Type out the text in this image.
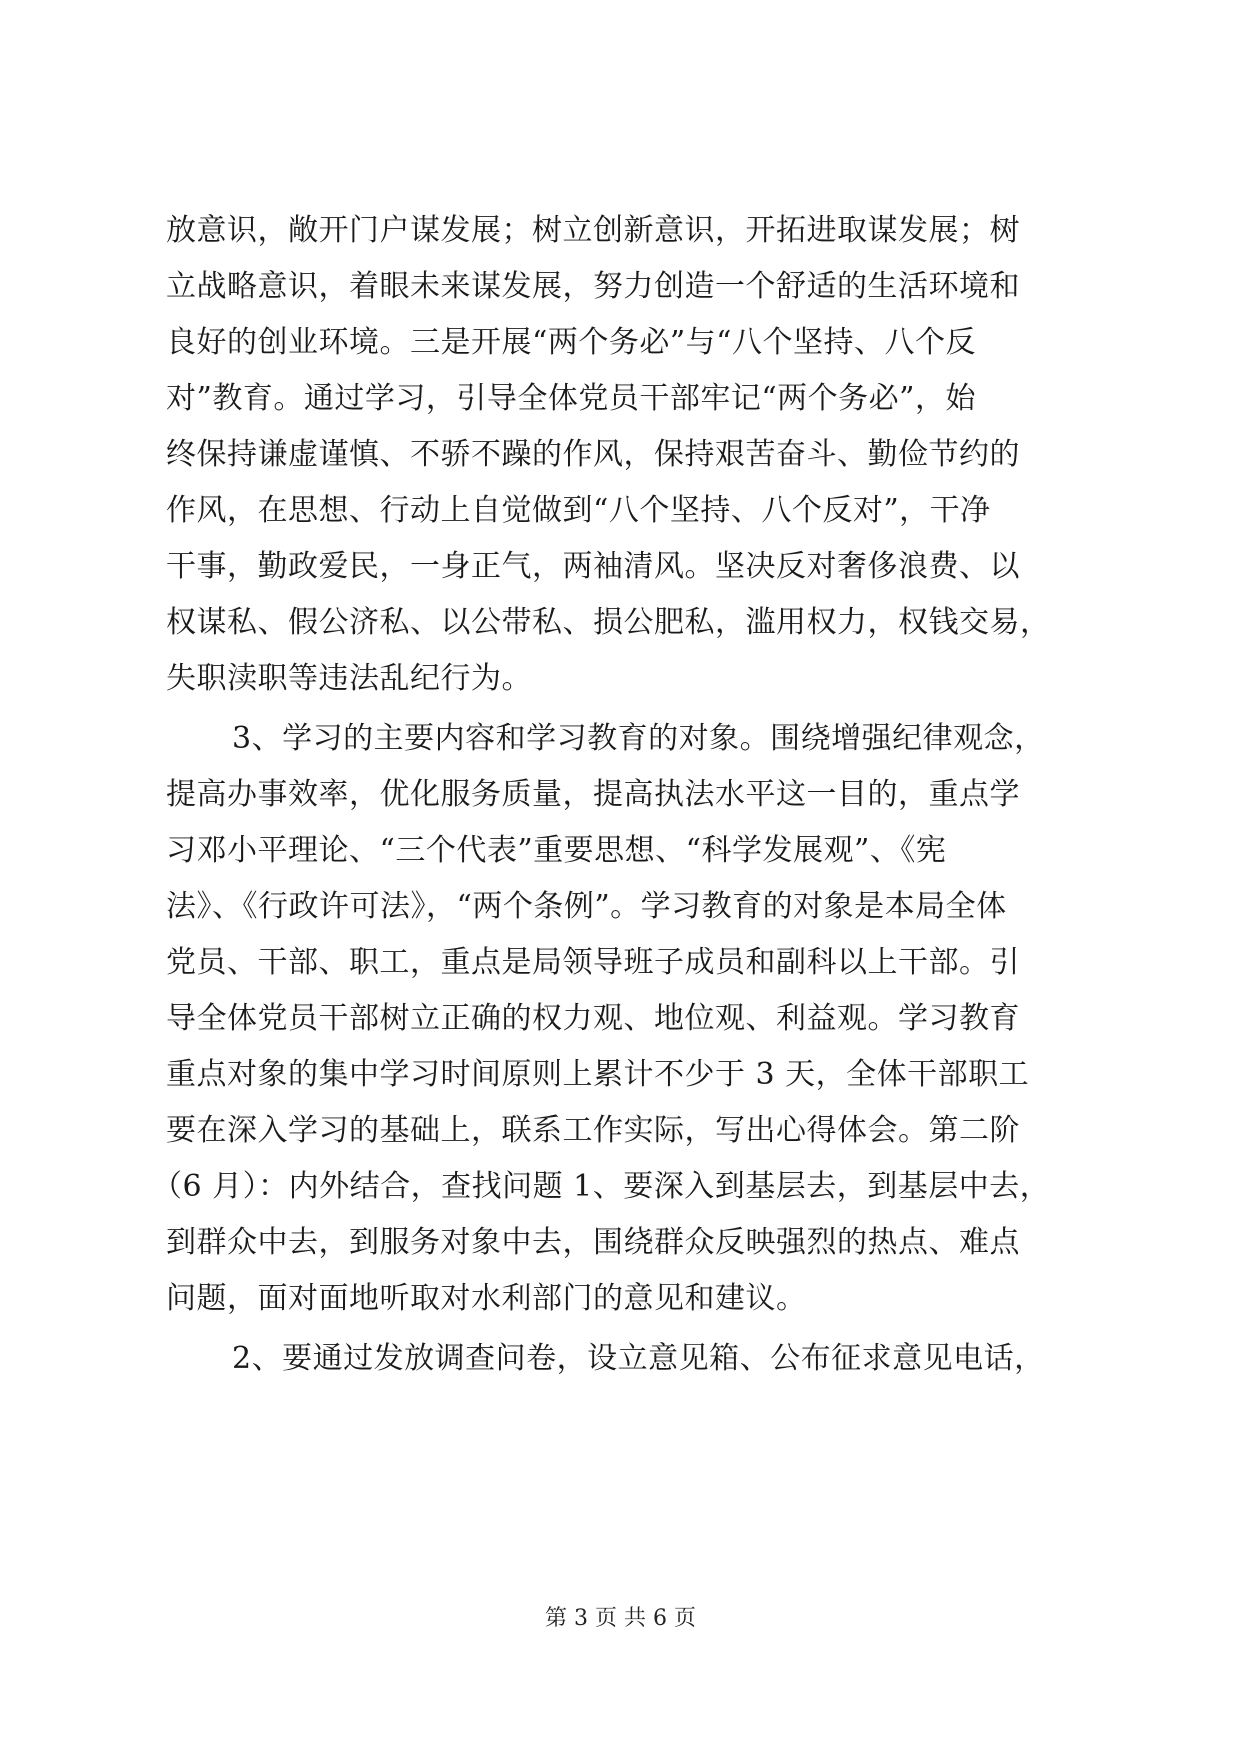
放意识，敞开门户谋发展；树立创新意识，开拓进取谋发展；树
立战略意识，着眼未来谋发展，努力创造一个舒适的生活环境和
良好的创业环境。三是开展“两个务必”与“八个坚持、八个反
对”教育。通过学习，引导全体党员干部牢记“两个务必”，始
终保持谦虚谨慎、不骄不躁的作风，保持艰苦奋斗、勤俭节约的
作风，在思想、行动上自觉做到“八个坚持、八个反对”，干净
干事，勤政爱民，一身正气，两袖清风。坚决反对奢侈浪费、以
权谋私、假公济私、以公带私、损公肥私，滥用权力，权钱交易，
失职渎职等违法乱纪行为。
3、学习的主要内容和学习教育的对象。围绕增强纪律观念，
提高办事效率，优化服务质量，提高执法水平这一目的，重点学
习邓小平理论、“三个代表”重要思想、“科学发展观”、《宪
法》、《行政许可法》，“两个条例”。学习教育的对象是本局全体
党员、干部、职工，重点是局领导班子成员和副科以上干部。引
导全体党员干部树立正确的权力观、地位观、利益观。学习教育
重点对象的集中学习时间原则上累计不少于 3 天，全体干部职工
要在深入学习的基础上，联系工作实际，写出心得体会。第二阶
（6 月）：内外结合，查找问题 1、要深入到基层去，到基层中去，
到群众中去，到服务对象中去，围绕群众反映强烈的热点、难点
问题，面对面地听取对水利部门的意见和建议。
2、要通过发放调查问卷，设立意见箱、公布征求意见电话，
第 3 页 共 6 页
